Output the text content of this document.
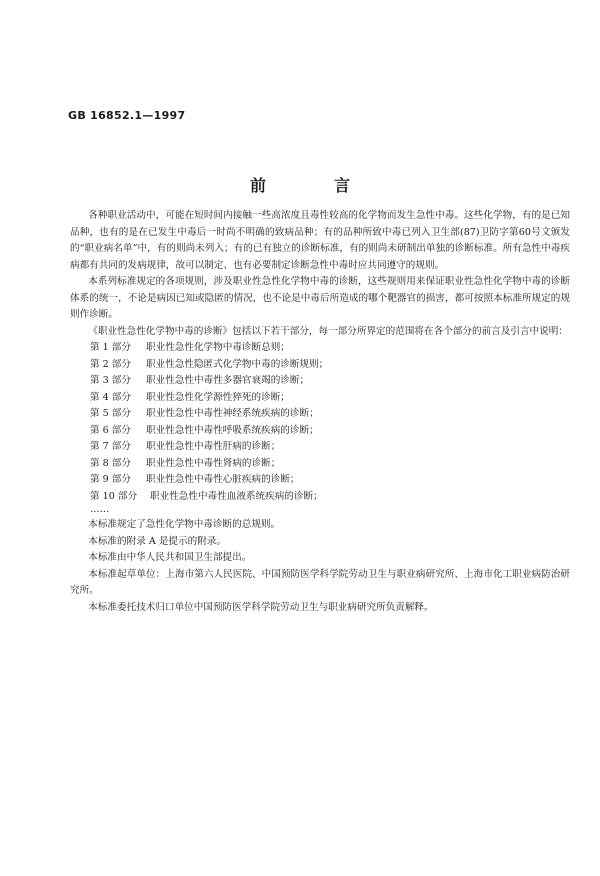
GB 16852.1—1997
前　言

各种职业活动中，可能在短时间内接触一些高浓度且毒性较高的化学物而发生急性中毒。这些化学物，有的是已知品种，也有的是在已发生中毒后一时尚不明确的致病品种；有的品种所致中毒已列入卫生部(87)卫防字第60号文颁发的“职业病名单”中，有的则尚未列入；有的已有独立的诊断标准，有的则尚未研制出单独的诊断标准。所有急性中毒疾病都有共同的发病规律，故可以制定、也有必要制定诊断急性中毒时应共同遵守的规则。

本系列标准规定的各项规则，涉及职业性急性化学物中毒的诊断，这些规则用来保证职业性急性化学物中毒的诊断体系的统一，不论是病因已知或隐匿的情况，也不论是中毒后所造成的哪个靶器官的损害，都可按照本标准所规定的规则作诊断。

《职业性急性化学物中毒的诊断》包括以下若干部分，每一部分所界定的范围将在各个部分的前言及引言中说明：

第 1 部分 职业性急性化学物中毒诊断总则；

第 2 部分 职业性急性隐匿式化学物中毒的诊断规则；

第 3 部分 职业性急性中毒性多器官衰竭的诊断；

第 4 部分 职业性急性化学源性猝死的诊断；

第 5 部分 职业性急性中毒性神经系统疾病的诊断；

第 6 部分 职业性急性中毒性呼吸系统疾病的诊断；

第 7 部分 职业性急性中毒性肝病的诊断；

第 8 部分 职业性急性中毒性肾病的诊断；

第 9 部分 职业性急性中毒性心脏疾病的诊断；

第 10 部分 职业性急性中毒性血液系统疾病的诊断；

……

本标准规定了急性化学物中毒诊断的总规则。

本标准的附录 A 是提示的附录。

本标准由中华人民共和国卫生部提出。

本标准起草单位：上海市第六人民医院、中国预防医学科学院劳动卫生与职业病研究所、上海市化工职业病防治研究所。

本标准委托技术归口单位中国预防医学科学院劳动卫生与职业病研究所负责解释。
